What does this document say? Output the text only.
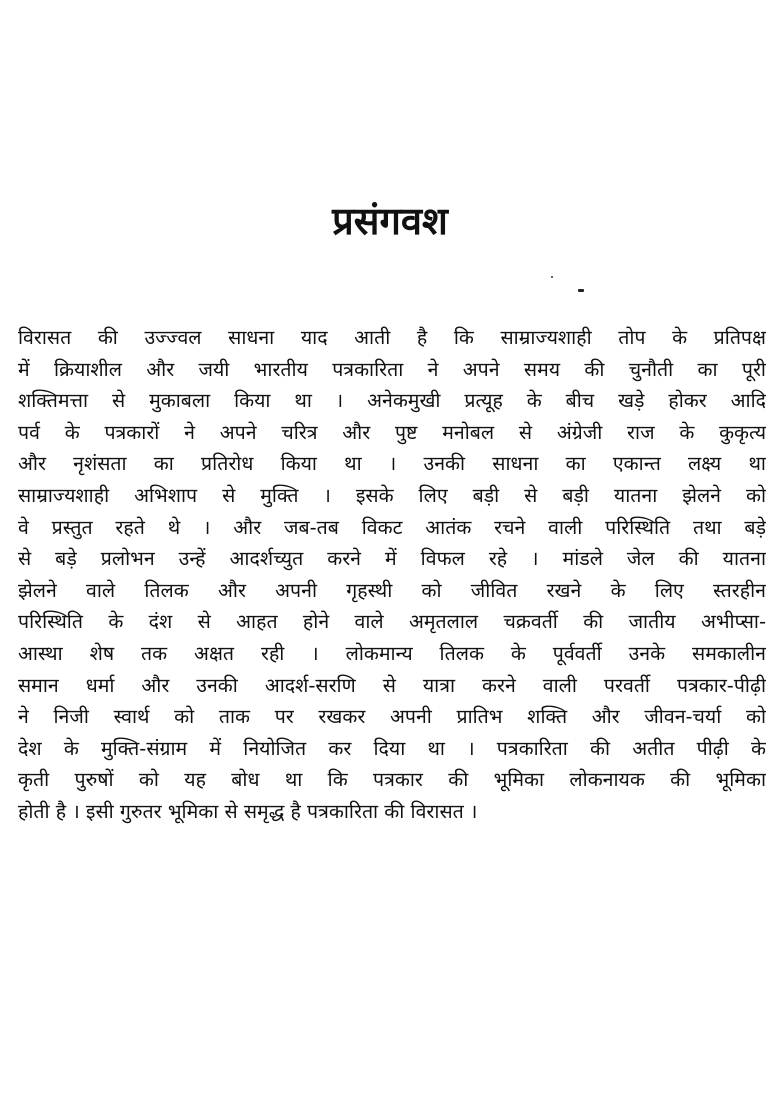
प्रसंगवश
विरासत की उज्ज्वल साधना याद आती है कि साम्राज्यशाही तोप के प्रतिपक्ष
में क्रियाशील और जयी भारतीय पत्रकारिता ने अपने समय की चुनौती का पूरी
शक्तिमत्ता से मुकाबला किया था । अनेकमुखी प्रत्यूह के बीच खड़े होकर आदि
पर्व के पत्रकारों ने अपने चरित्र और पुष्ट मनोबल से अंग्रेजी राज के कुकृत्य
और नृशंसता का प्रतिरोध किया था । उनकी साधना का एकान्त लक्ष्य था
साम्राज्यशाही अभिशाप से मुक्ति । इसके लिए बड़ी से बड़ी यातना झेलने को
वे प्रस्तुत रहते थे । और जब-तब विकट आतंक रचने वाली परिस्थिति तथा बड़े
से बड़े प्रलोभन उन्हें आदर्शच्युत करने में विफल रहे । मांडले जेल की यातना
झेलने वाले तिलक और अपनी गृहस्थी को जीवित रखने के लिए स्तरहीन
परिस्थिति के दंश से आहत होने वाले अमृतलाल चक्रवर्ती की जातीय अभीप्सा-
आस्था शेष तक अक्षत रही । लोकमान्य तिलक के पूर्ववर्ती उनके समकालीन
समान धर्मा और उनकी आदर्श-सरणि से यात्रा करने वाली परवर्ती पत्रकार-पीढ़ी
ने निजी स्वार्थ को ताक पर रखकर अपनी प्रातिभ शक्ति और जीवन-चर्या को
देश के मुक्ति-संग्राम में नियोजित कर दिया था । पत्रकारिता की अतीत पीढ़ी के
कृती पुरुषों को यह बोध था कि पत्रकार की भूमिका लोकनायक की भूमिका
होती है । इसी गुरुतर भूमिका से समृद्ध है पत्रकारिता की विरासत ।
